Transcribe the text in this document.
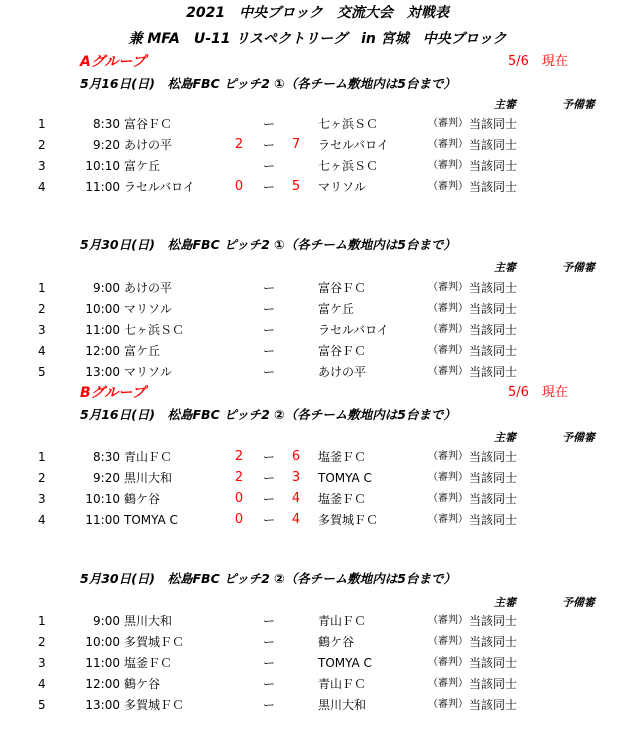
2021　中央ブロック　交流大会　対戦表
兼 MFA　U-11 リスペクトリーグ　in 宮城　中央ブロック
Aグループ	5/6　現在
5月16日(日)　松島FBC ピッチ2 ①（各チーム敷地内は5台まで）
主審	予備審
1	8:30 富谷ＦＣ	ー	七ヶ浜ＳＣ	（審判） 当該同士
2	9:20 あけの平	2 ー 7 ラセルバロイ	（審判） 当該同士
3	10:10 富ケ丘	ー	七ヶ浜ＳＣ	（審判） 当該同士
4	11:00 ラセルバロイ	0 ー 5 マリソル	（審判） 当該同士
5月30日(日)　松島FBC ピッチ2 ①（各チーム敷地内は5台まで）
主審	予備審
1	9:00 あけの平	ー	富谷ＦＣ	（審判） 当該同士
2	10:00 マリソル	ー	富ケ丘	（審判） 当該同士
3	11:00 七ヶ浜ＳＣ	ー	ラセルバロイ	（審判） 当該同士
4	12:00 富ケ丘	ー	富谷ＦＣ	（審判） 当該同士
5	13:00 マリソル	ー	あけの平	（審判） 当該同士
Bグループ	5/6　現在
5月16日(日)　松島FBC ピッチ2 ②（各チーム敷地内は5台まで）
主審	予備審
1	8:30 青山ＦＣ	2 ー 6 塩釜ＦＣ	（審判） 当該同士
2	9:20 黒川大和	2 ー 3 TOMYA C	（審判） 当該同士
3	10:10 鶴ケ谷	0 ー 4 塩釜ＦＣ	（審判） 当該同士
4	11:00 TOMYA C	0 ー 4 多賀城ＦＣ	（審判） 当該同士
5月30日(日)　松島FBC ピッチ2 ②（各チーム敷地内は5台まで）
主審	予備審
1	9:00 黒川大和	ー	青山ＦＣ	（審判） 当該同士
2	10:00 多賀城ＦＣ	ー	鶴ケ谷	（審判） 当該同士
3	11:00 塩釜ＦＣ	ー	TOMYA C	（審判） 当該同士
4	12:00 鶴ケ谷	ー	青山ＦＣ	（審判） 当該同士
5	13:00 多賀城ＦＣ	ー	黒川大和	（審判） 当該同士
